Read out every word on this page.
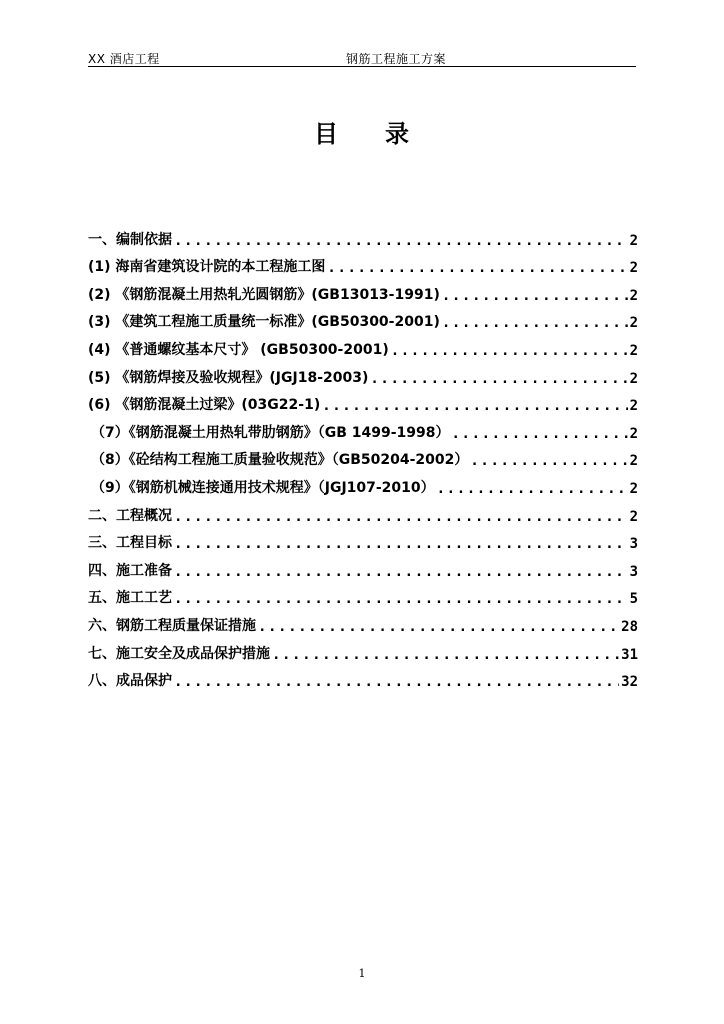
XX 酒店工程	钢筋工程施工方案
目 录
一、编制依据 .....	2
(1) 海南省建筑设计院的本工程施工图 .....	2
(2) 《钢筋混凝土用热轧光圆钢筋》(GB13013-1991) .....	2
(3) 《建筑工程施工质量统一标准》(GB50300-2001) .....	2
(4) 《普通螺纹基本尺寸》 (GB50300-2001) .....	2
(5) 《钢筋焊接及验收规程》(JGJ18-2003) .....	2
(6) 《钢筋混凝土过梁》(03G22-1) .....	2
（7）《钢筋混凝土用热轧带肋钢筋》（GB 1499-1998） .....	2
（8）《砼结构工程施工质量验收规范》（GB50204-2002） .....	2
（9）《钢筋机械连接通用技术规程》（JGJ107-2010） .....	2
二、工程概况 .....	2
三、工程目标 .....	3
四、施工准备 .....	3
五、施工工艺 .....	5
六、钢筋工程质量保证措施 .....	28
七、施工安全及成品保护措施 .....	31
八、成品保护 .....	32
1
